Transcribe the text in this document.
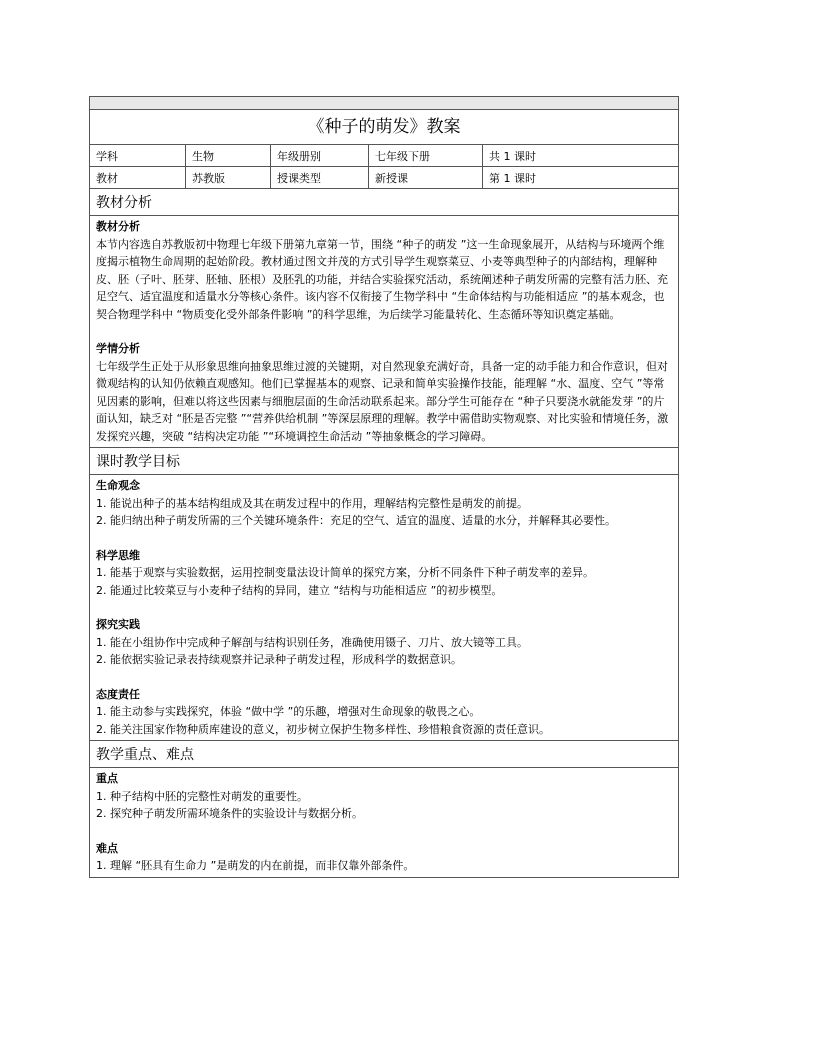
《种子的萌发》教案
学科	生物	年级册别	七年级下册	共 1 课时
教材	苏教版	授课类型	新授课	第 1 课时
教材分析
教材分析

本节内容选自苏教版初中物理七年级下册第九章第一节，围绕 “种子的萌发 ”这一生命现象展开，从结构与环境两个维度揭示植物生命周期的起始阶段。教材通过图文并茂的方式引导学生观察菜豆、小麦等典型种子的内部结构，理解种皮、胚（子叶、胚芽、胚轴、胚根）及胚乳的功能，并结合实验探究活动，系统阐述种子萌发所需的完整有活力胚、充足空气、适宜温度和适量水分等核心条件。该内容不仅衔接了生物学科中 “生命体结构与功能相适应 ”的基本观念，也契合物理学科中 “物质变化受外部条件影响 ”的科学思维，为后续学习能量转化、生态循环等知识奠定基础。

学情分析

七年级学生正处于从形象思维向抽象思维过渡的关键期，对自然现象充满好奇，具备一定的动手能力和合作意识，但对微观结构的认知仍依赖直观感知。他们已掌握基本的观察、记录和简单实验操作技能，能理解 “水、温度、空气 ”等常见因素的影响，但难以将这些因素与细胞层面的生命活动联系起来。部分学生可能存在 “种子只要浇水就能发芽 ”的片面认知，缺乏对 “胚是否完整 ”“营养供给机制 ”等深层原理的理解。教学中需借助实物观察、对比实验和情境任务，激发探究兴趣，突破 “结构决定功能 ”“环境调控生命活动 ”等抽象概念的学习障碍。

课时教学目标
生命观念

1. 能说出种子的基本结构组成及其在萌发过程中的作用，理解结构完整性是萌发的前提。

2. 能归纳出种子萌发所需的三个关键环境条件：充足的空气、适宜的温度、适量的水分，并解释其必要性。

科学思维

1. 能基于观察与实验数据，运用控制变量法设计简单的探究方案，分析不同条件下种子萌发率的差异。

2. 能通过比较菜豆与小麦种子结构的异同，建立 “结构与功能相适应 ”的初步模型。

探究实践

1. 能在小组协作中完成种子解剖与结构识别任务，准确使用镊子、刀片、放大镜等工具。

2. 能依据实验记录表持续观察并记录种子萌发过程，形成科学的数据意识。

态度责任

1. 能主动参与实践探究，体验 “做中学 ”的乐趣，增强对生命现象的敬畏之心。

2. 能关注国家作物种质库建设的意义，初步树立保护生物多样性、珍惜粮食资源的责任意识。

教学重点、难点
重点

1. 种子结构中胚的完整性对萌发的重要性。

2. 探究种子萌发所需环境条件的实验设计与数据分析。

难点

1. 理解 “胚具有生命力 ”是萌发的内在前提，而非仅靠外部条件。
